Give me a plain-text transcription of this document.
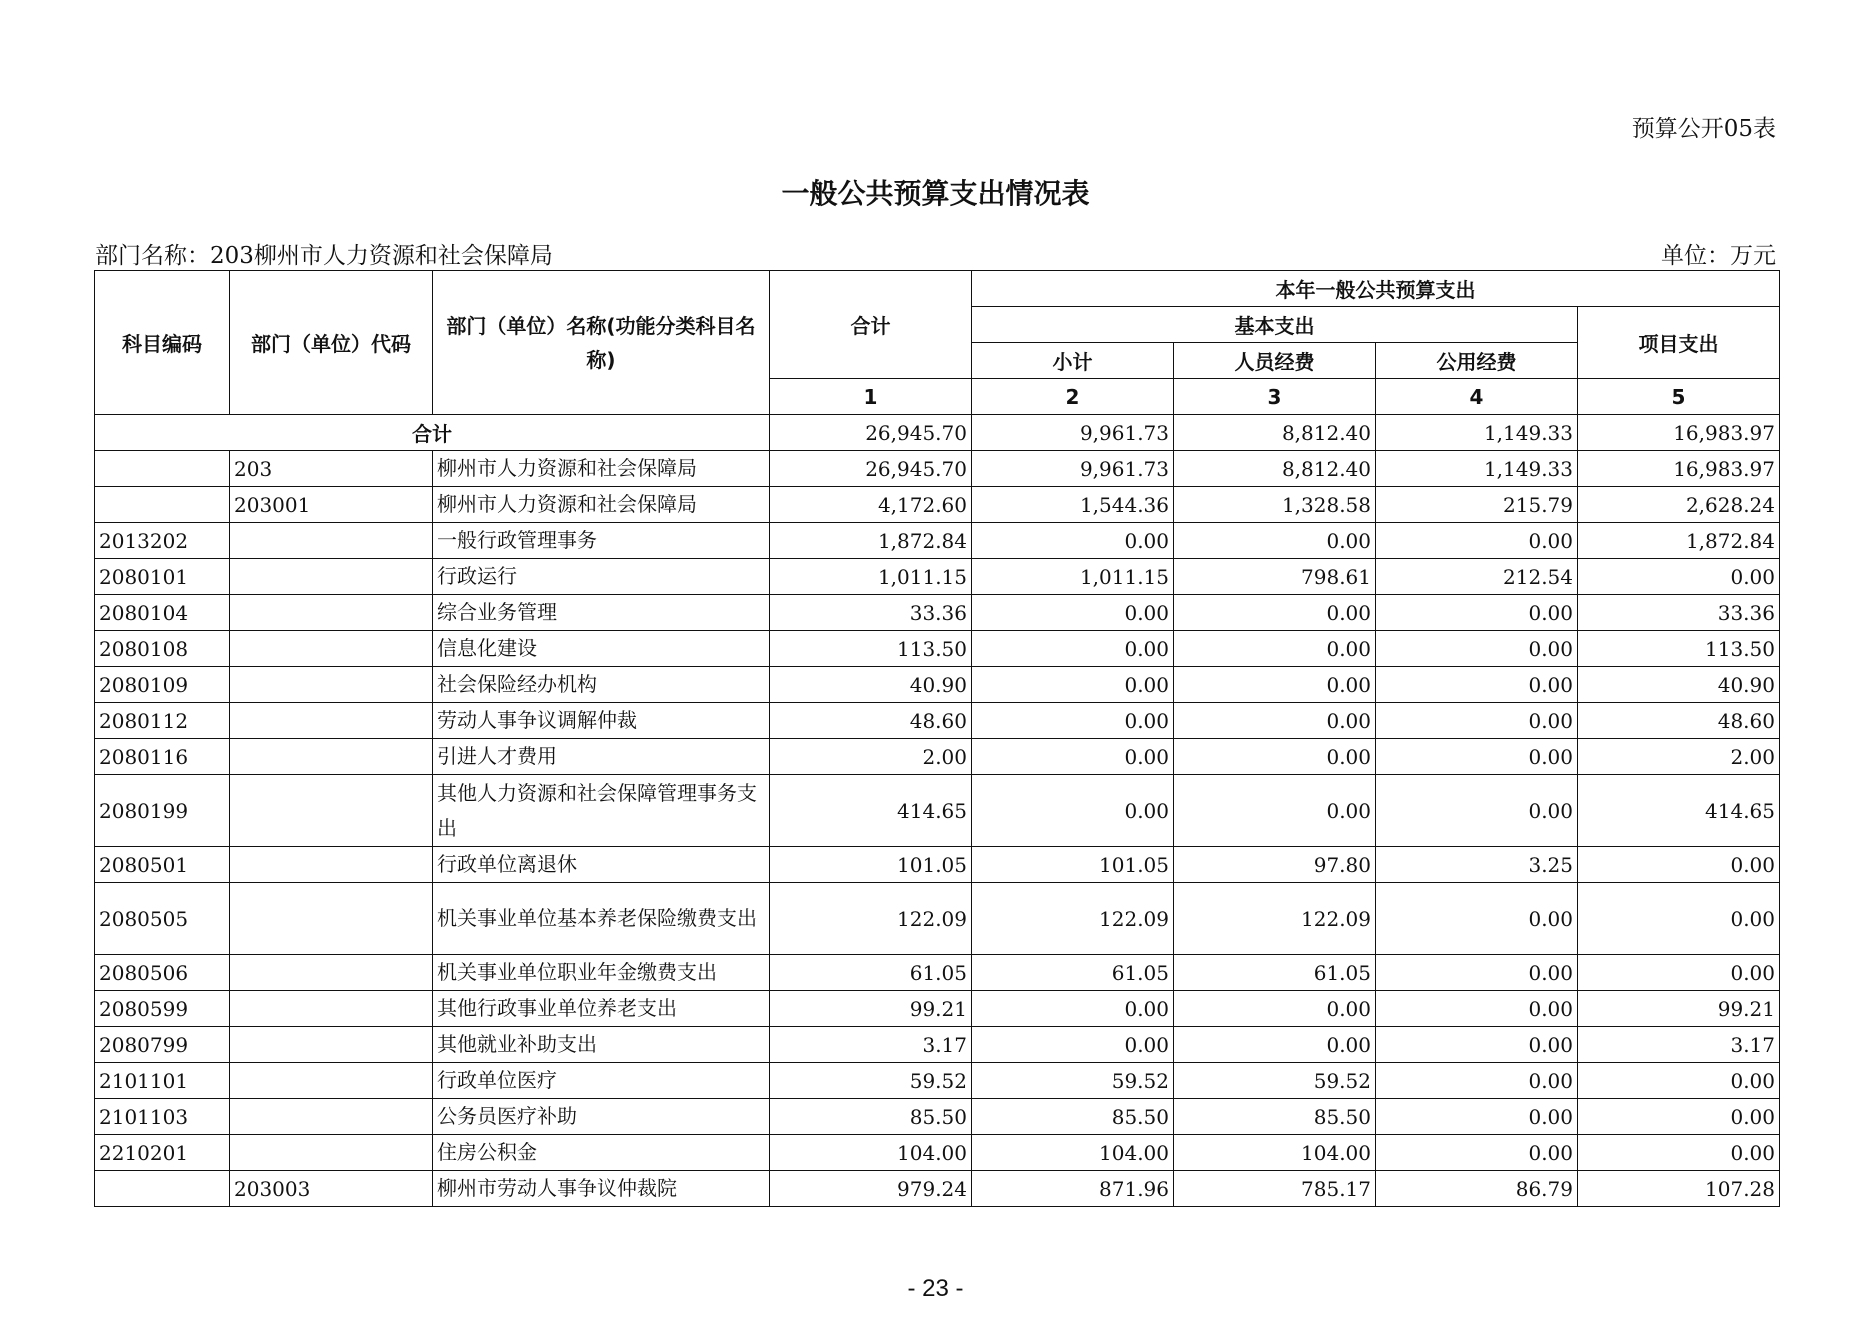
预算公开05表
一般公共预算支出情况表
部门名称：203柳州市人力资源和社会保障局	单位：万元
科目编码	部门（单位）代码	部门（单位）名称(功能分类科目名称)	合计	本年一般公共预算支出			
				基本支出			项目支出
				小计	人员经费	公用经费	
			1	2	3	4	5
合计			26,945.70	9,961.73	8,812.40	1,149.33	16,983.97
	203	柳州市人力资源和社会保障局	26,945.70	9,961.73	8,812.40	1,149.33	16,983.97
	203001	柳州市人力资源和社会保障局	4,172.60	1,544.36	1,328.58	215.79	2,628.24
2013202		一般行政管理事务	1,872.84	0.00	0.00	0.00	1,872.84
2080101		行政运行	1,011.15	1,011.15	798.61	212.54	0.00
2080104		综合业务管理	33.36	0.00	0.00	0.00	33.36
2080108		信息化建设	113.50	0.00	0.00	0.00	113.50
2080109		社会保险经办机构	40.90	0.00	0.00	0.00	40.90
2080112		劳动人事争议调解仲裁	48.60	0.00	0.00	0.00	48.60
2080116		引进人才费用	2.00	0.00	0.00	0.00	2.00
2080199		其他人力资源和社会保障管理事务支出	414.65	0.00	0.00	0.00	414.65
2080501		行政单位离退休	101.05	101.05	97.80	3.25	0.00
2080505		机关事业单位基本养老保险缴费支出	122.09	122.09	122.09	0.00	0.00
2080506		机关事业单位职业年金缴费支出	61.05	61.05	61.05	0.00	0.00
2080599		其他行政事业单位养老支出	99.21	0.00	0.00	0.00	99.21
2080799		其他就业补助支出	3.17	0.00	0.00	0.00	3.17
2101101		行政单位医疗	59.52	59.52	59.52	0.00	0.00
2101103		公务员医疗补助	85.50	85.50	85.50	0.00	0.00
2210201		住房公积金	104.00	104.00	104.00	0.00	0.00
	203003	柳州市劳动人事争议仲裁院	979.24	871.96	785.17	86.79	107.28
- 23 -
